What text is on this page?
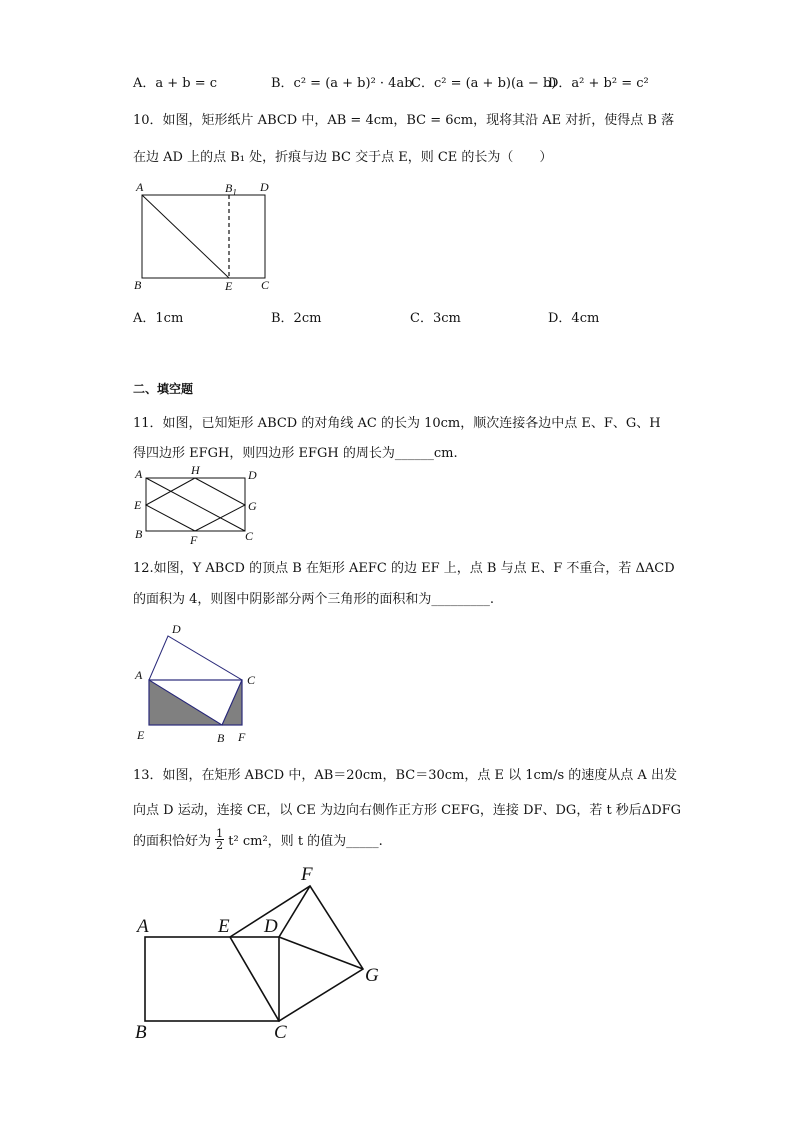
A．a + b = c	B．c² = (a + b)² · 4ab
C．c² = (a + b)(a − b)
D．a² + b² = c²
10．如图，矩形纸片 ABCD 中，AB = 4cm，BC = 6cm，现将其沿 AE 对折，使得点 B 落
在边 AD 上的点 B₁ 处，折痕与边 BC 交于点 E，则 CE 的长为（　　）
A	$B_1$ D
B	E C
A．1cm	B．2cm	C．3cm	D．4cm
二、填空题
11．如图，已知矩形 ABCD 的对角线 AC 的长为 10cm，顺次连接各边中点 E、F、G、H
得四边形 EFGH，则四边形 EFGH 的周长为______cm.
A	H	D
E	G
B	F	C
12.如图，Y ABCD 的顶点 B 在矩形 AEFC 的边 EF 上，点 B 与点 E、F 不重合，若 ΔACD
的面积为 4，则图中阴影部分两个三角形的面积和为_________.
D
A	C
E	B F
13．如图，在矩形 ABCD 中，AB＝20cm，BC＝30cm，点 E 以 1cm/s 的速度从点 A 出发
向点 D 运动，连接 CE，以 CE 为边向右侧作正方形 CEFG，连接 DF、DG，若 t 秒后ΔDFG
的面积恰好为 $\frac{1}{2} t^2$ cm²，则 t 的值为_____.
F
A	E D
G
B	C
